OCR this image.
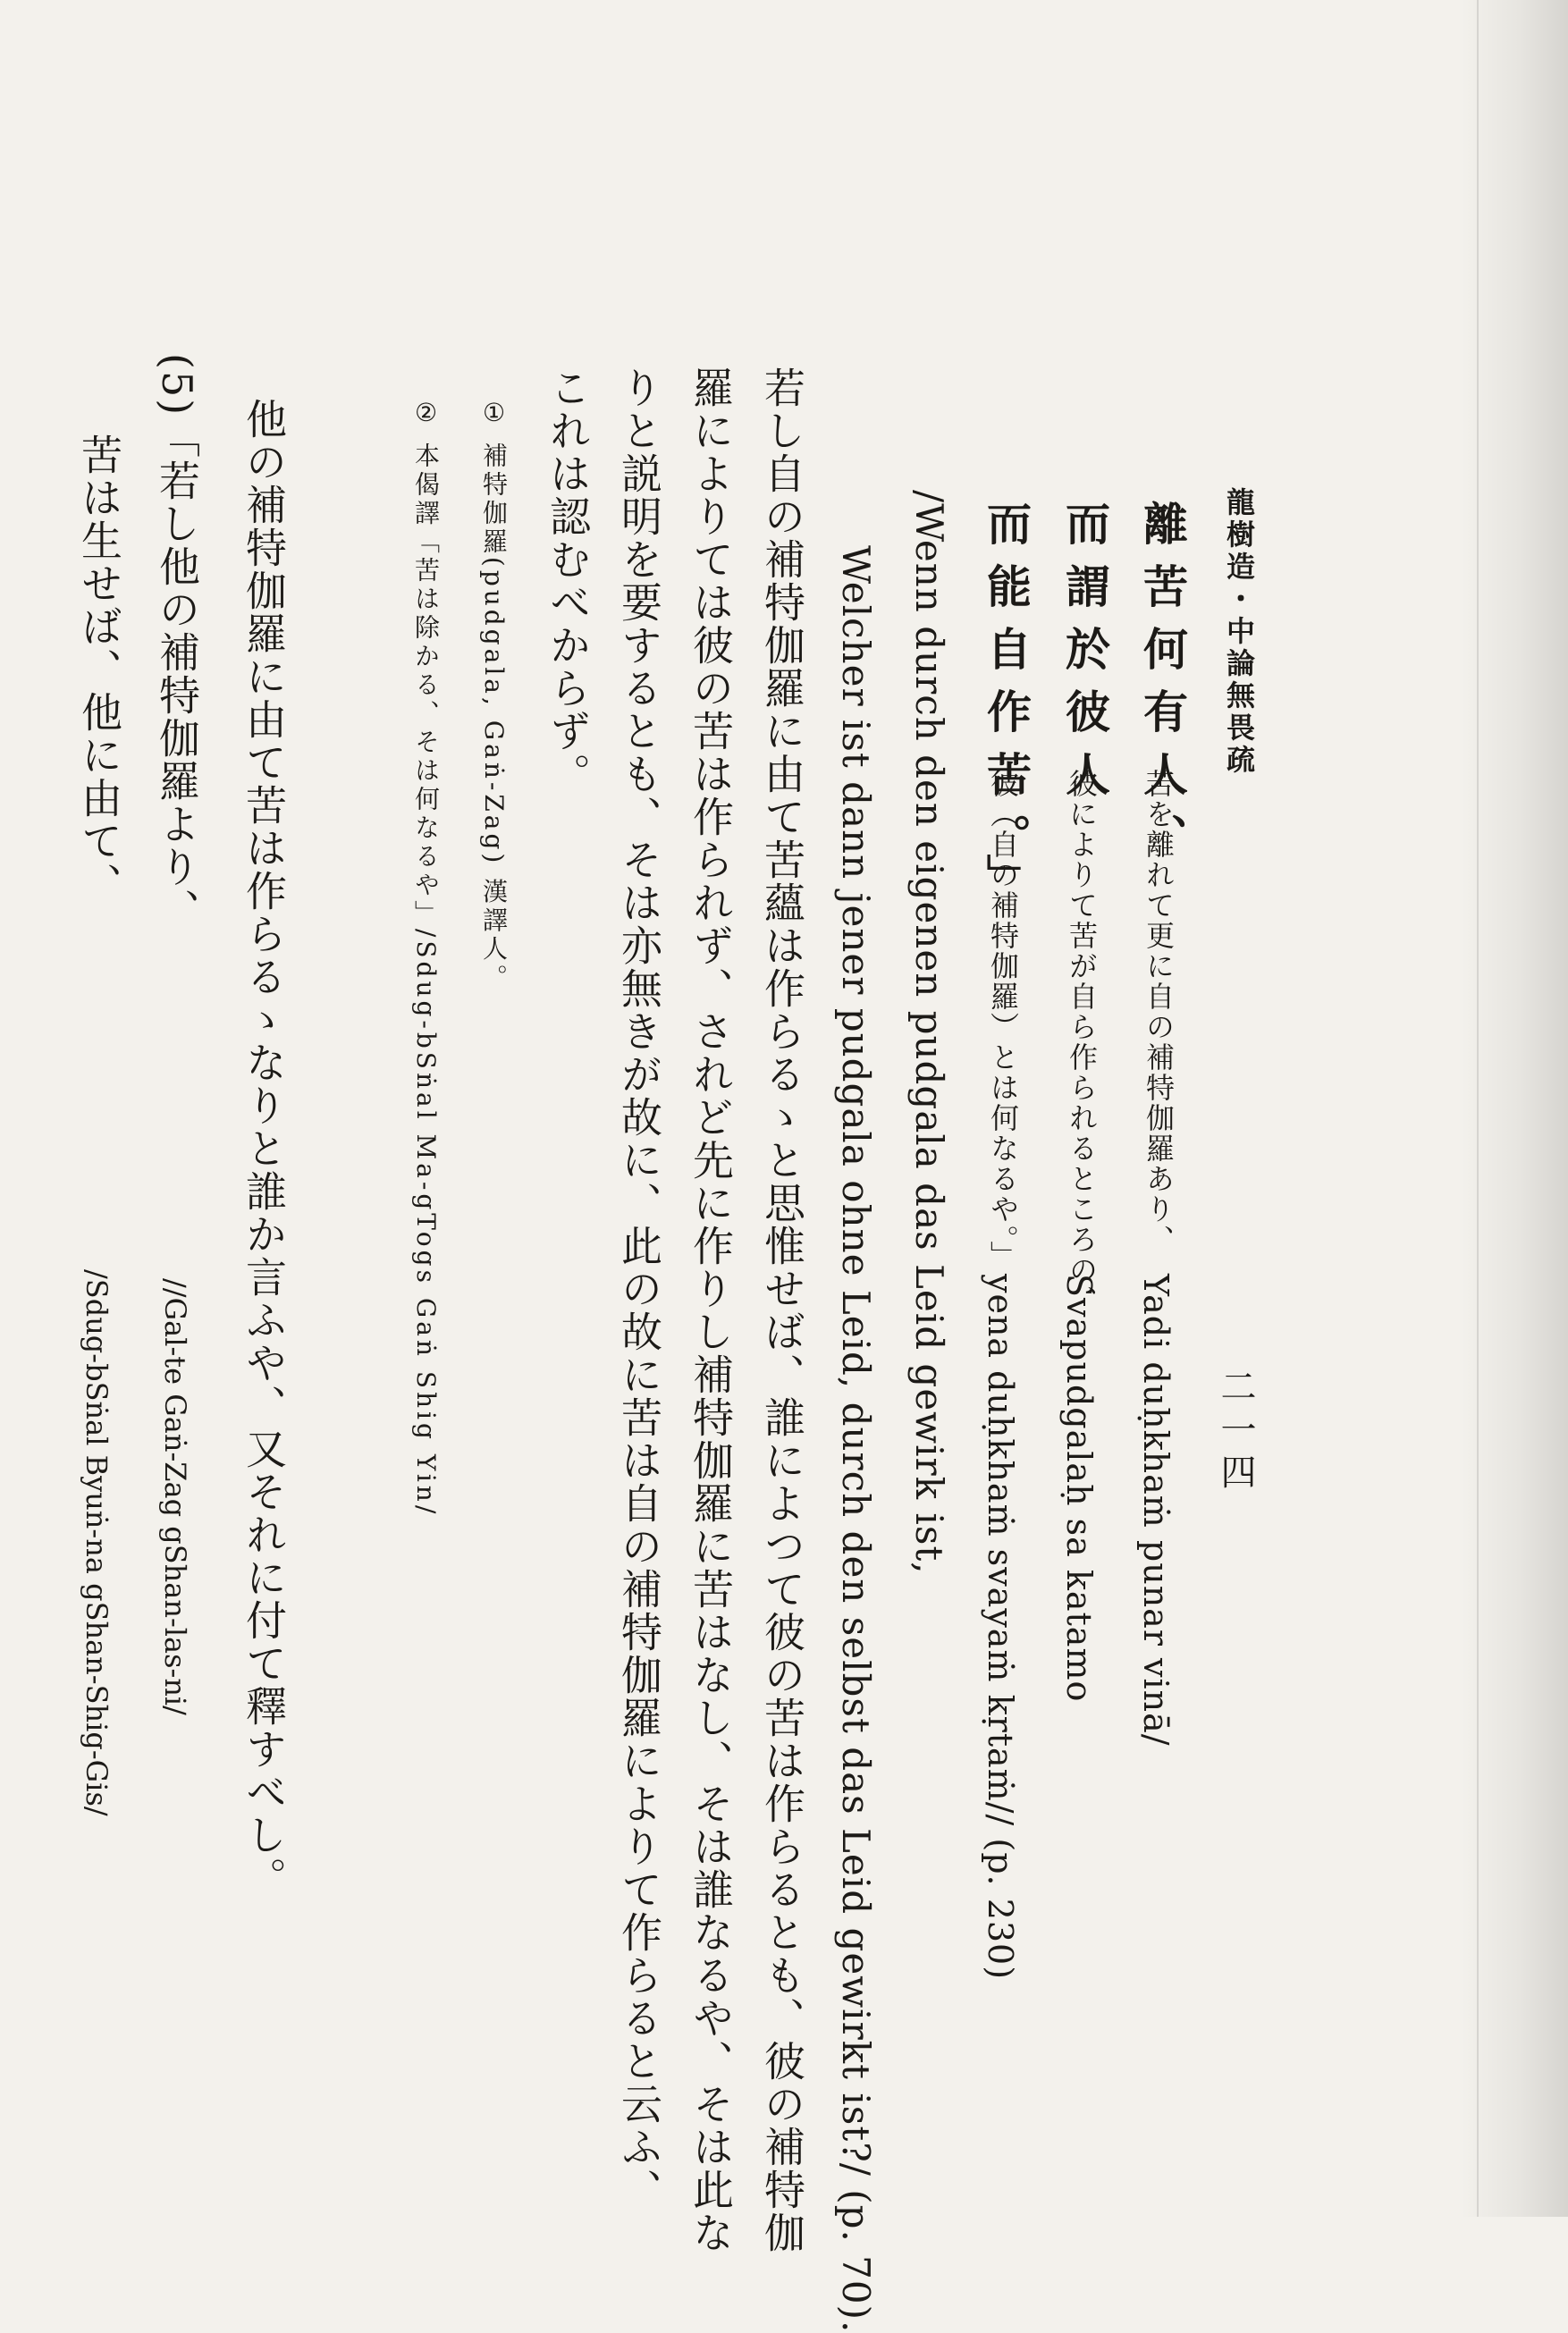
龍樹造・中論無畏疏
二一四
離苦何有人、
苦を離れて更に自の補特伽羅あり、
Yadi duḥkhaṁ punar vinā/
而謂於彼人
彼によりて苦が自ら作られるところの、
Svapudgalaḥ sa katamo
而能自作苦。」
彼（自の補特伽羅）とは何なるや。」
yena duḥkhaṁ svayaṁ kṛtaṁ// (p. 230)
/Wenn durch den eigenen pudgala das Leid gewirk ist,
Welcher ist dann jener pudgala ohne Leid, durch den selbst das Leid gewirkt ist?/ (p. 70).
若し自の補特伽羅に由て苦蘊は作らるゝと思惟せば、誰によつて彼の苦は作らるとも、彼の補特伽
羅によりては彼の苦は作られず、されど先に作りし補特伽羅に苦はなし、そは誰なるや、そは此な
りと説明を要するとも、そは亦無きが故に、此の故に苦は自の補特伽羅によりて作らると云ふ、
これは認むべからず。
① 補特伽羅(pudgala, Gaṅ-Zag) 漢譯人。
② 本偈譯「苦は除かる、そは何なるや」/Sdug-bSṅal Ma-gTogs Gaṅ Shig Yin/
他の補特伽羅に由て苦は作らるゝなりと誰か言ふや、又それに付て釋すべし。
(5)「若し他の補特伽羅より、
//Gal-te Gaṅ-Zag gShan-las-ni/
苦は生せば、他に由て、
/Sdug-bSṅal Byuṅ-na gShan-Shig-Gis/
